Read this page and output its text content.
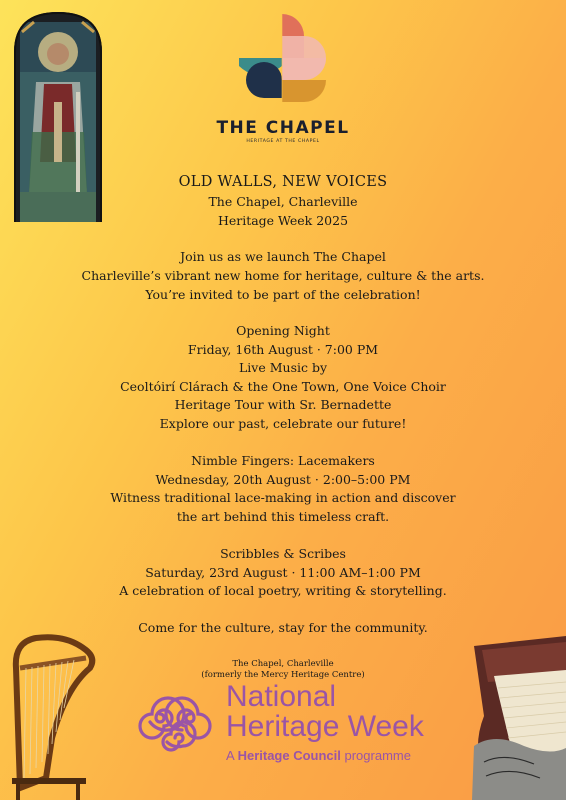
THE CHAPEL
HERITAGE AT THE CHAPEL
OLD WALLS, NEW VOICES
The Chapel, Charleville
Heritage Week 2025
Join us as we launch The Chapel
Charleville’s vibrant new home for heritage, culture & the arts.
You’re invited to be part of the celebration!
Opening Night
Friday, 16th August · 7:00 PM
Live Music by
Ceoltóirí Clárach & the One Town, One Voice Choir
Heritage Tour with Sr. Bernadette
Explore our past, celebrate our future!
Nimble Fingers: Lacemakers
Wednesday, 20th August · 2:00–5:00 PM
Witness traditional lace-making in action and discover
the art behind this timeless craft.
Scribbles & Scribes
Saturday, 23rd August · 11:00 AM–1:00 PM
A celebration of local poetry, writing & storytelling.
Come for the culture, stay for the community.
The Chapel, Charleville
(formerly the Mercy Heritage Centre)
National
Heritage Week
A Heritage Council programme
